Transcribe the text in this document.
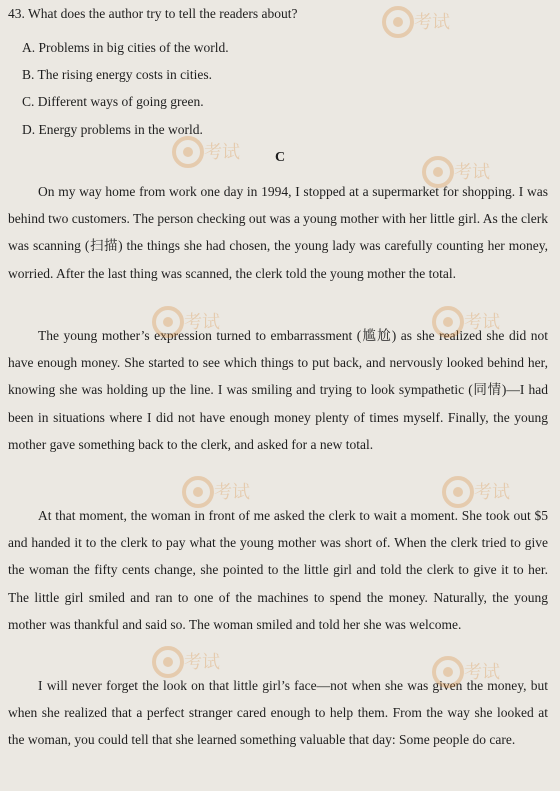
43. What does the author try to tell the readers about?
A. Problems in big cities of the world.
B. The rising energy costs in cities.
C. Different ways of going green.
D. Energy problems in the world.
C

On my way home from work one day in 1994, I stopped at a supermarket for shopping. I was behind two customers. The person checking out was a young mother with her little girl. As the clerk was scanning (扫描) the things she had chosen, the young lady was carefully counting her money, worried. After the last thing was scanned, the clerk told the young mother the total.

The young mother’s expression turned to embarrassment (尴尬) as she realized she did not have enough money. She started to see which things to put back, and nervously looked behind her, knowing she was holding up the line. I was smiling and trying to look sympathetic (同情)—I had been in situations where I did not have enough money plenty of times myself. Finally, the young mother gave something back to the clerk, and asked for a new total.

At that moment, the woman in front of me asked the clerk to wait a moment. She took out $5 and handed it to the clerk to pay what the young mother was short of. When the clerk tried to give the woman the fifty cents change, she pointed to the little girl and told the clerk to give it to her. The little girl smiled and ran to one of the machines to spend the money. Naturally, the young mother was thankful and said so. The woman smiled and told her she was welcome.

I will never forget the look on that little girl’s face—not when she was given the money, but when she realized that a perfect stranger cared enough to help them. From the way she looked at the woman, you could tell that she learned something valuable that day: Some people do care.

考试
考试
考试
考试	考试
考试	考试
考试	考试
